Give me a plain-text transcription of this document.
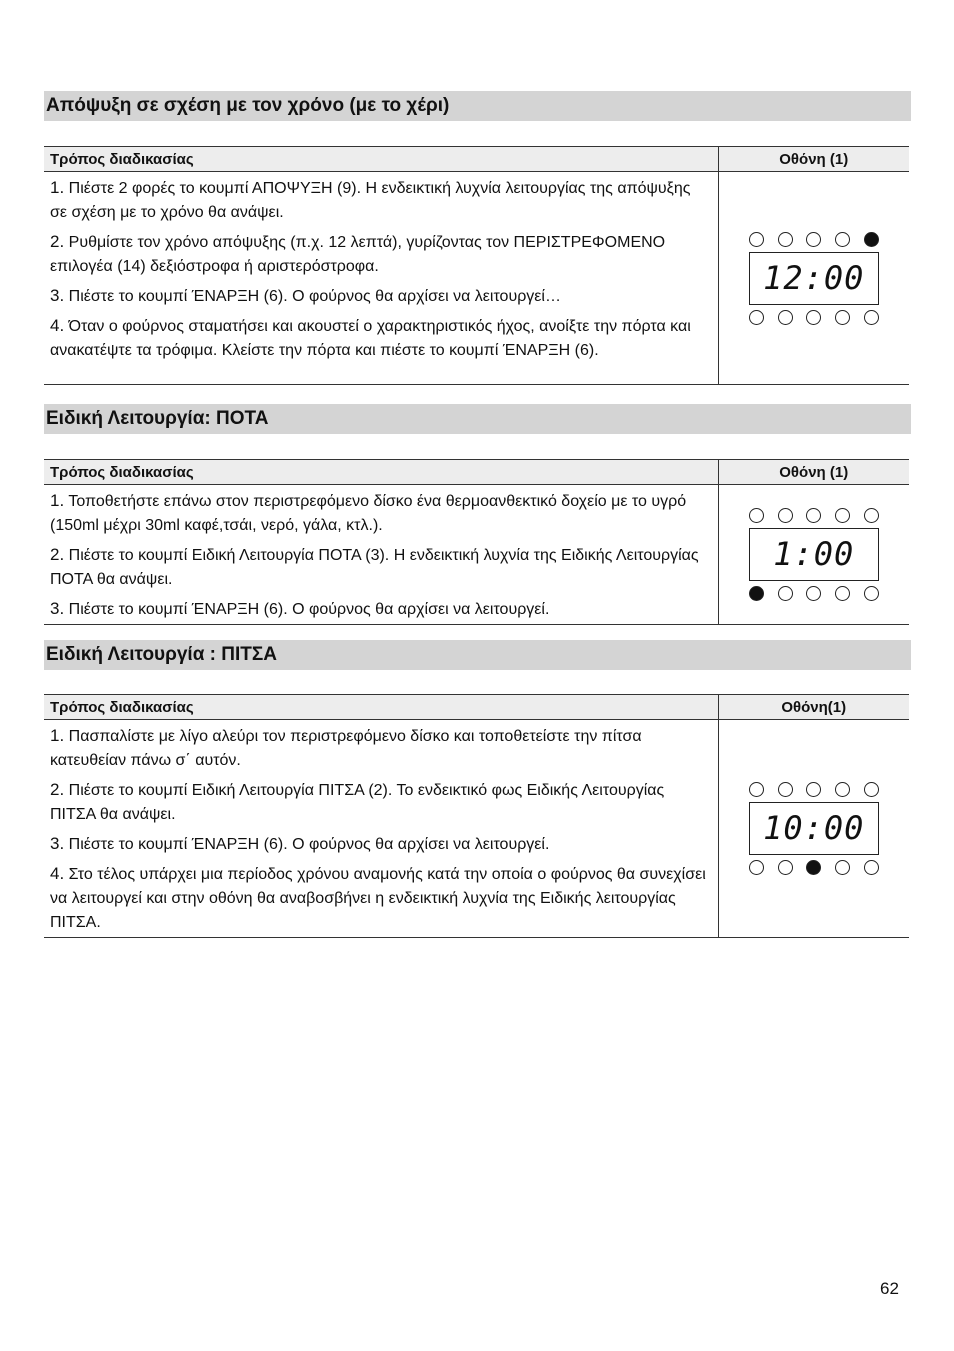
Απόψυξη σε σχέση με τον χρόνο (με το χέρι)
Τρόπος διαδικασίας	Οθόνη (1)

1. Πιέστε 2 φορές το κουμπί ΑΠΟΨΥΞΗ (9). Η ενδεικτική λυχνία λειτουργίας της απόψυξης σε σχέση με το χρόνο θα ανάψει.
2. Ρυθμίστε τον χρόνο απόψυξης (π.χ. 12 λεπτά), γυρίζοντας τον ΠΕΡΙΣΤΡΕΦΟΜΕΝΟ επιλογέα (14) δεξιόστροφα ή αριστερόστροφα.
3. Πιέστε το κουμπί ΈΝΑΡΞΗ (6). Ο φούρνος θα αρχίσει να λειτουργεί…
4. Όταν ο φούρνος σταματήσει και ακουστεί ο χαρακτηριστικός ήχος, ανοίξτε την πόρτα και ανακατέψτε τα τρόφιμα. Κλείστε την πόρτα και πιέστε το κουμπί ΈΝΑΡΞΗ (6).	12:00
Ειδική Λειτουργία: ΠΟΤΑ
Τρόπος διαδικασίας	Οθόνη (1)

1. Τοποθετήστε επάνω στον περιστρεφόμενο δίσκο ένα θερμοανθεκτικό δοχείο με το υγρό (150ml μέχρι 30ml καφέ,τσάι, νερό, γάλα, κτλ.).
2. Πιέστε το κουμπί Ειδική Λειτουργία ΠΟΤΑ (3). Η ενδεικτική λυχνία της Ειδικής Λειτουργίας ΠΟΤΑ θα ανάψει.
3. Πιέστε το κουμπί ΈΝΑΡΞΗ (6). Ο φούρνος θα αρχίσει να λειτουργεί.	1:00
Ειδική Λειτουργία : ΠΙΤΣΑ
Τρόπος διαδικασίας	Οθόνη(1)

1. Πασπαλίστε με λίγο αλεύρι τον περιστρεφόμενο δίσκο και τοποθετείστε την πίτσα κατευθείαν πάνω σ΄ αυτόν.
2. Πιέστε το κουμπί Ειδική Λειτουργία ΠΙΤΣΑ (2). Το ενδεικτικό φως Ειδικής Λειτουργίας ΠΙΤΣΑ θα ανάψει.
3. Πιέστε το κουμπί ΈΝΑΡΞΗ (6). Ο φούρνος θα αρχίσει να λειτουργεί.
4. Στο τέλος υπάρχει μια περίοδος χρόνου αναμονής κατά την οποία ο φούρνος θα συνεχίσει να λειτουργεί και στην οθόνη θα αναβοσβήνει η ενδεικτική λυχνία της Ειδικής λειτουργίας ΠΙΤΣΑ.	10:00
62
